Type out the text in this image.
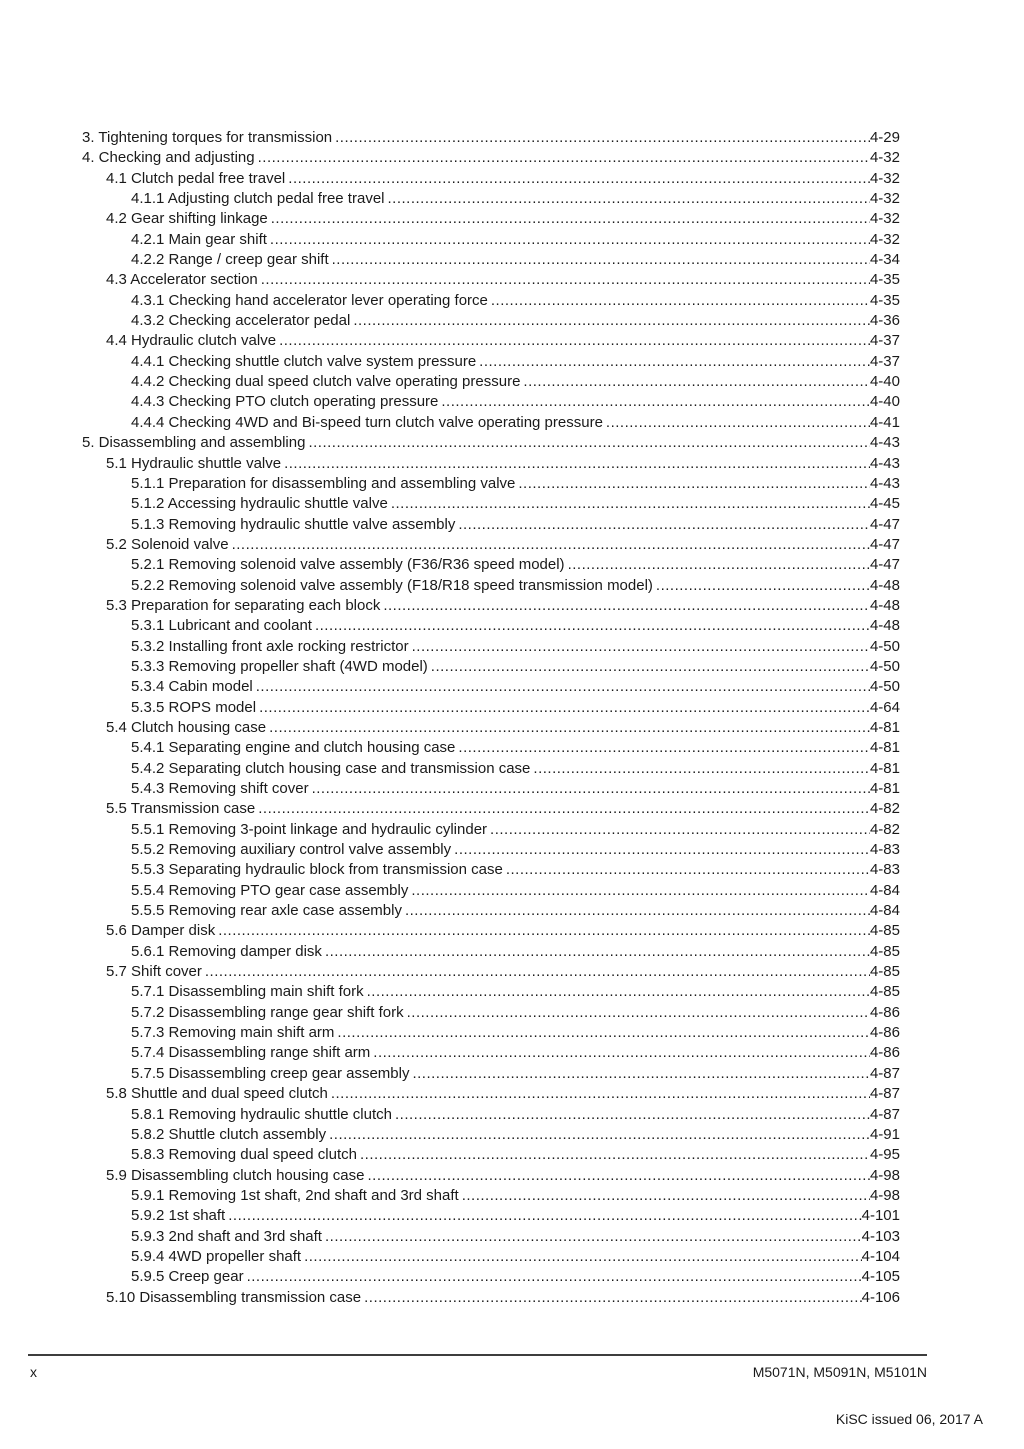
3. Tightening torques for transmission .....	4-29
4. Checking and adjusting .....	4-32
4.1 Clutch pedal free travel .....	4-32
4.1.1 Adjusting clutch pedal free travel .....	4-32
4.2 Gear shifting linkage .....	4-32
4.2.1 Main gear shift .....	4-32
4.2.2 Range / creep gear shift .....	4-34
4.3 Accelerator section .....	4-35
4.3.1 Checking hand accelerator lever operating force .....	4-35
4.3.2 Checking accelerator pedal .....	4-36
4.4 Hydraulic clutch valve .....	4-37
4.4.1 Checking shuttle clutch valve system pressure .....	4-37
4.4.2 Checking dual speed clutch valve operating pressure .....	4-40
4.4.3 Checking PTO clutch operating pressure .....	4-40
4.4.4 Checking 4WD and Bi-speed turn clutch valve operating pressure .....	4-41
5. Disassembling and assembling .....	4-43
5.1 Hydraulic shuttle valve .....	4-43
5.1.1 Preparation for disassembling and assembling valve .....	4-43
5.1.2 Accessing hydraulic shuttle valve .....	4-45
5.1.3 Removing hydraulic shuttle valve assembly .....	4-47
5.2 Solenoid valve .....	4-47
5.2.1 Removing solenoid valve assembly (F36/R36 speed model) .....	4-47
5.2.2 Removing solenoid valve assembly (F18/R18 speed transmission model) .....	4-48
5.3 Preparation for separating each block .....	4-48
5.3.1 Lubricant and coolant .....	4-48
5.3.2 Installing front axle rocking restrictor .....	4-50
5.3.3 Removing propeller shaft (4WD model) .....	4-50
5.3.4 Cabin model .....	4-50
5.3.5 ROPS model .....	4-64
5.4 Clutch housing case .....	4-81
5.4.1 Separating engine and clutch housing case .....	4-81
5.4.2 Separating clutch housing case and transmission case .....	4-81
5.4.3 Removing shift cover .....	4-81
5.5 Transmission case .....	4-82
5.5.1 Removing 3-point linkage and hydraulic cylinder .....	4-82
5.5.2 Removing auxiliary control valve assembly .....	4-83
5.5.3 Separating hydraulic block from transmission case .....	4-83
5.5.4 Removing PTO gear case assembly .....	4-84
5.5.5 Removing rear axle case assembly .....	4-84
5.6 Damper disk .....	4-85
5.6.1 Removing damper disk .....	4-85
5.7 Shift cover .....	4-85
5.7.1 Disassembling main shift fork .....	4-85
5.7.2 Disassembling range gear shift fork .....	4-86
5.7.3 Removing main shift arm .....	4-86
5.7.4 Disassembling range shift arm .....	4-86
5.7.5 Disassembling creep gear assembly .....	4-87
5.8 Shuttle and dual speed clutch .....	4-87
5.8.1 Removing hydraulic shuttle clutch .....	4-87
5.8.2 Shuttle clutch assembly .....	4-91
5.8.3 Removing dual speed clutch .....	4-95
5.9 Disassembling clutch housing case .....	4-98
5.9.1 Removing 1st shaft, 2nd shaft and 3rd shaft .....	4-98
5.9.2 1st shaft .....	4-101
5.9.3 2nd shaft and 3rd shaft .....	4-103
5.9.4 4WD propeller shaft .....	4-104
5.9.5 Creep gear .....	4-105
5.10 Disassembling transmission case .....	4-106
x	M5071N, M5091N, M5101N
KiSC issued 06, 2017 A
